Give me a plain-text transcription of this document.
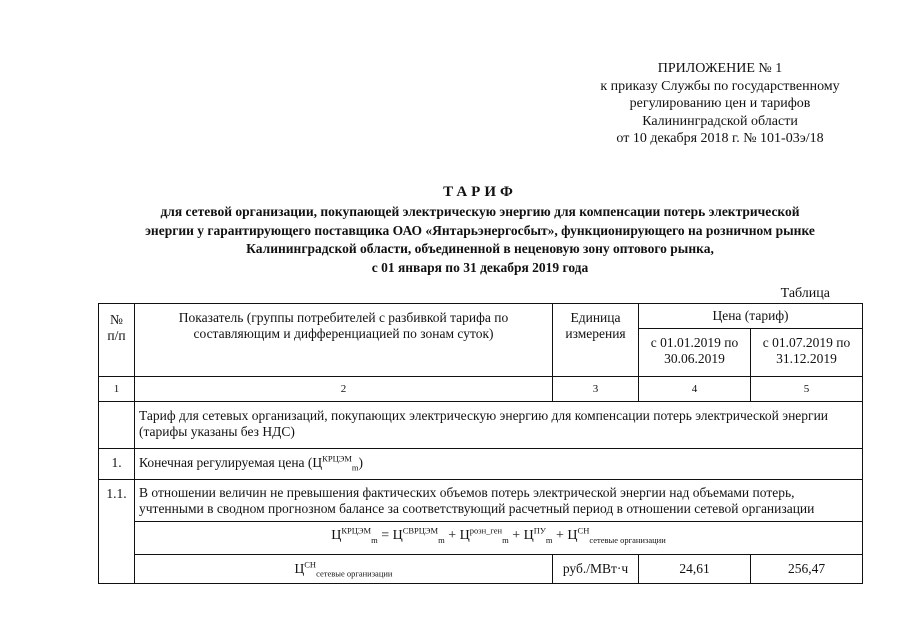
ПРИЛОЖЕНИЕ № 1
к приказу Службы по государственному
регулированию цен и тарифов
Калининградской области
от 10 декабря 2018 г. № 101-03э/18
ТАРИФ
для сетевой организации, покупающей электрическую энергию для компенсации потерь электрической
энергии у гарантирующего поставщика ОАО «Янтарьэнергосбыт», функционирующего на розничном рынке
Калининградской области, объединенной в неценовую зону оптового рынка,
с 01 января по 31 декабря 2019 года
Таблица
№ п/п	Показатель (группы потребителей с разбивкой тарифа по составляющим и дифференциацией по зонам суток)	Единица измерения	Цена (тариф)	
			с 01.01.2019 по 30.06.2019	с 01.07.2019 по 31.12.2019
1	2	3	4	5
	Тариф для сетевых организаций, покупающих электрическую энергию для компенсации потерь электрической энергии (тарифы указаны без НДС)			
1.	Конечная регулируемая цена $(Ц^{КРЦЭМ}_m)$			
1.1.	В отношении величин не превышения фактических объемов потерь электрической энергии над объемами потерь, учтенными в сводном прогнозном балансе за соответствующий расчетный период в отношении сетевой организации			
	$Ц^{КРЦЭМ}_m = Ц^{СВРЦЭМ}_m + Ц^{розн\_ген}_m + Ц^{ПУ}_m + Ц^{СН}_{сетевые организации}$
	$Ц^{СН}_{сетевые организации}$	руб./МВт·ч	24,61	256,47
